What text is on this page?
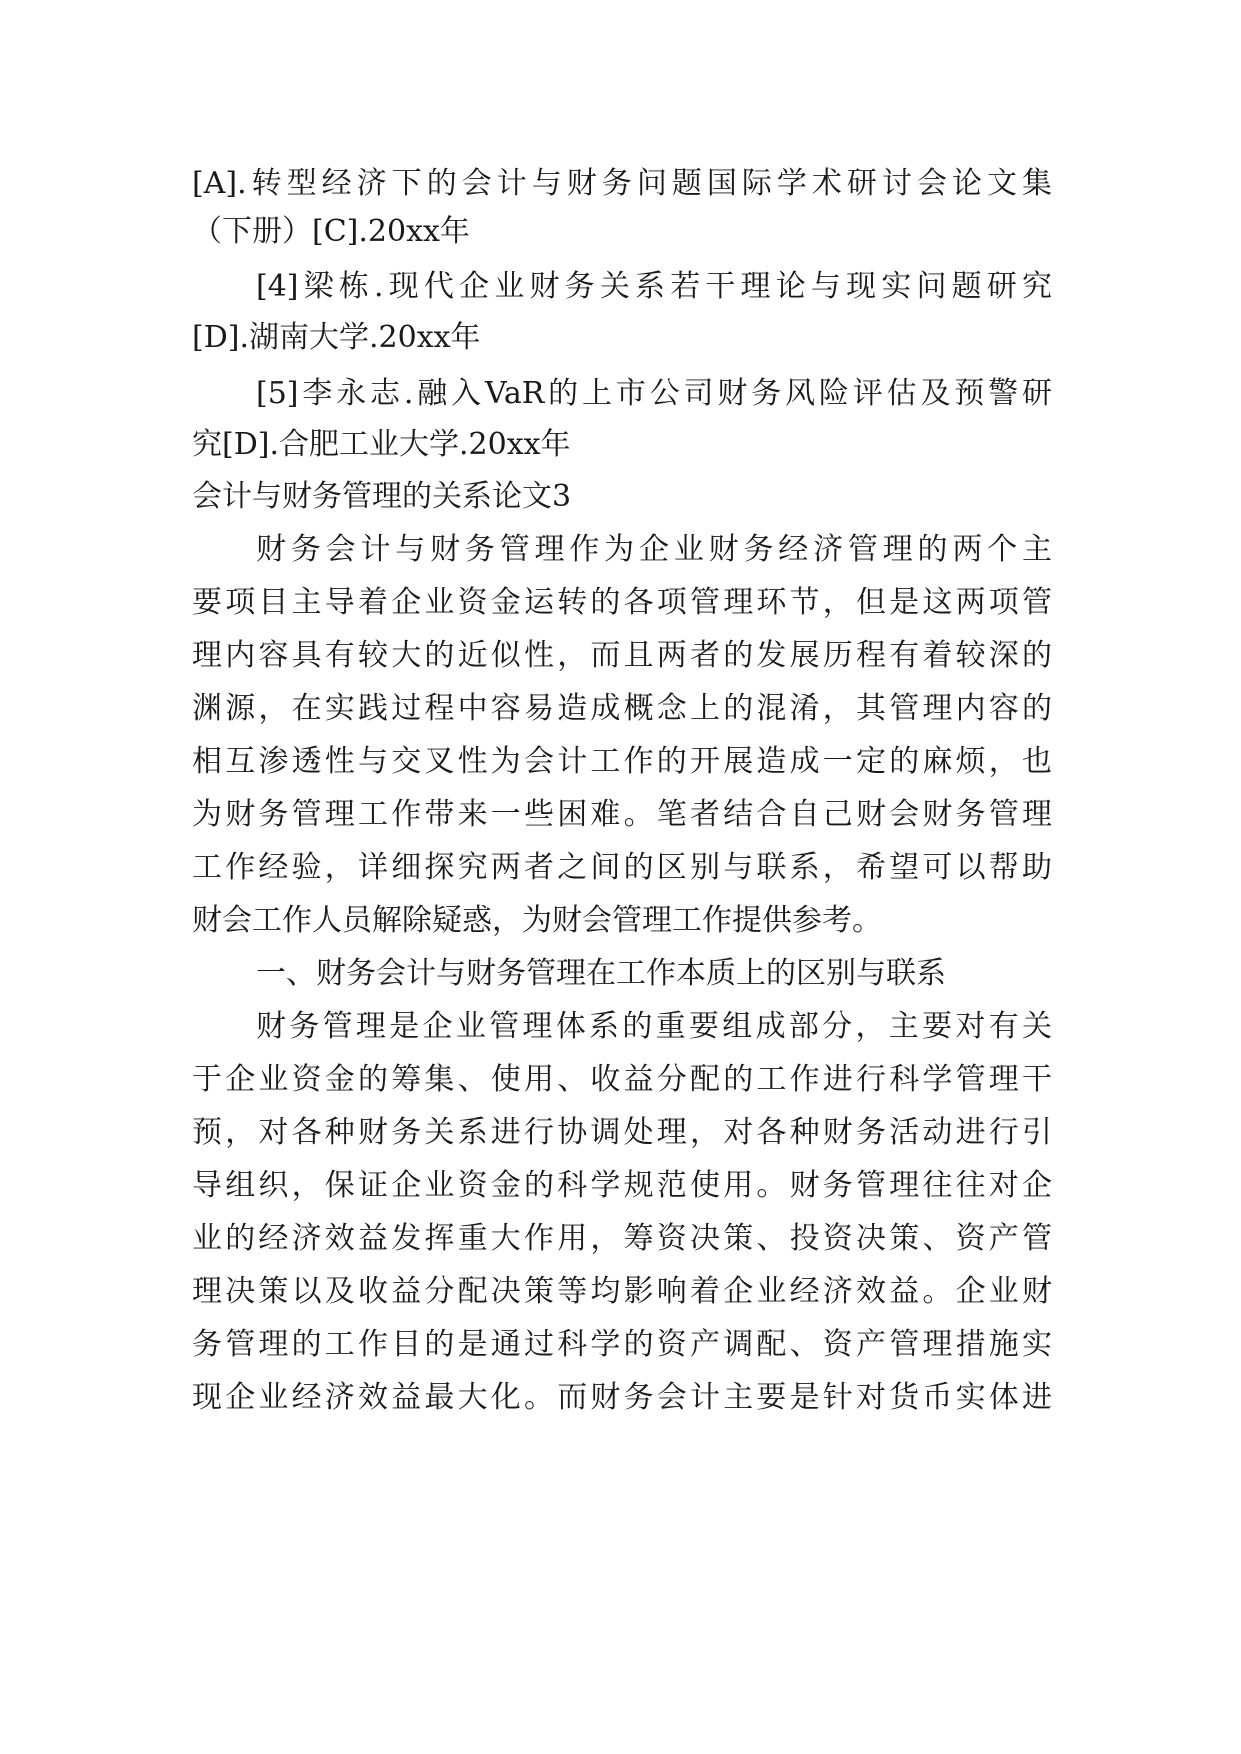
[A].转型经济下的会计与财务问题国际学术研讨会论文集
（下册）[C].20xx年
[4]梁栋.现代企业财务关系若干理论与现实问题研究
[D].湖南大学.20xx年
[5]李永志.融入VaR的上市公司财务风险评估及预警研
究[D].合肥工业大学.20xx年
会计与财务管理的关系论文3
财务会计与财务管理作为企业财务经济管理的两个主
要项目主导着企业资金运转的各项管理环节，但是这两项管
理内容具有较大的近似性，而且两者的发展历程有着较深的
渊源，在实践过程中容易造成概念上的混淆，其管理内容的
相互渗透性与交叉性为会计工作的开展造成一定的麻烦，也
为财务管理工作带来一些困难。笔者结合自己财会财务管理
工作经验，详细探究两者之间的区别与联系，希望可以帮助
财会工作人员解除疑惑，为财会管理工作提供参考。
一、财务会计与财务管理在工作本质上的区别与联系
财务管理是企业管理体系的重要组成部分，主要对有关
于企业资金的筹集、使用、收益分配的工作进行科学管理干
预，对各种财务关系进行协调处理，对各种财务活动进行引
导组织，保证企业资金的科学规范使用。财务管理往往对企
业的经济效益发挥重大作用，筹资决策、投资决策、资产管
理决策以及收益分配决策等均影响着企业经济效益。企业财
务管理的工作目的是通过科学的资产调配、资产管理措施实
现企业经济效益最大化。而财务会计主要是针对货币实体进
